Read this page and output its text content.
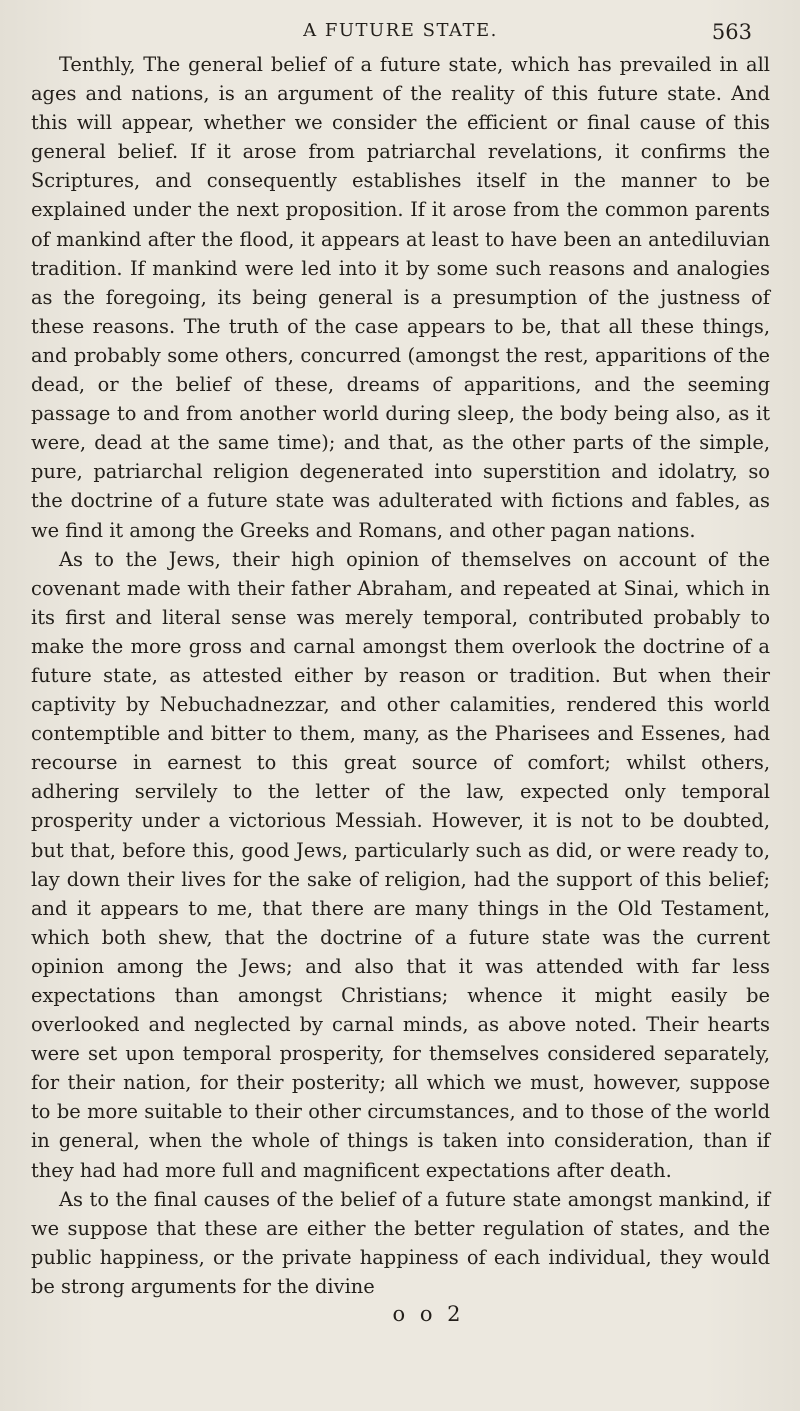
A FUTURE STATE.	563

Tenthly, The general belief of a future state, which has prevailed in all ages and nations, is an argument of the reality of this future state. And this will appear, whether we consider the efficient or final cause of this general belief. If it arose from patriarchal revelations, it confirms the Scriptures, and consequently establishes itself in the manner to be explained under the next proposition. If it arose from the common parents of mankind after the flood, it appears at least to have been an antediluvian tradition. If mankind were led into it by some such reasons and analogies as the foregoing, its being general is a presumption of the justness of these reasons. The truth of the case appears to be, that all these things, and probably some others, concurred (amongst the rest, apparitions of the dead, or the belief of these, dreams of apparitions, and the seeming passage to and from another world during sleep, the body being also, as it were, dead at the same time); and that, as the other parts of the simple, pure, patriarchal religion degenerated into superstition and idolatry, so the doctrine of a future state was adulterated with fictions and fables, as we find it among the Greeks and Romans, and other pagan nations.

As to the Jews, their high opinion of themselves on account of the covenant made with their father Abraham, and repeated at Sinai, which in its first and literal sense was merely temporal, contributed probably to make the more gross and carnal amongst them overlook the doctrine of a future state, as attested either by reason or tradition. But when their captivity by Nebuchadnezzar, and other calamities, rendered this world contemptible and bitter to them, many, as the Pharisees and Essenes, had recourse in earnest to this great source of comfort; whilst others, adhering servilely to the letter of the law, expected only temporal prosperity under a victorious Messiah. However, it is not to be doubted, but that, before this, good Jews, particularly such as did, or were ready to, lay down their lives for the sake of religion, had the support of this belief; and it appears to me, that there are many things in the Old Testament, which both shew, that the doctrine of a future state was the current opinion among the Jews; and also that it was attended with far less expectations than amongst Christians; whence it might easily be overlooked and neglected by carnal minds, as above noted. Their hearts were set upon temporal prosperity, for themselves considered separately, for their nation, for their posterity; all which we must, however, suppose to be more suitable to their other circumstances, and to those of the world in general, when the whole of things is taken into consideration, than if they had had more full and magnificent expectations after death.

As to the final causes of the belief of a future state amongst mankind, if we suppose that these are either the better regulation of states, and the public happiness, or the private happiness of each individual, they would be strong arguments for the divine

o o 2
